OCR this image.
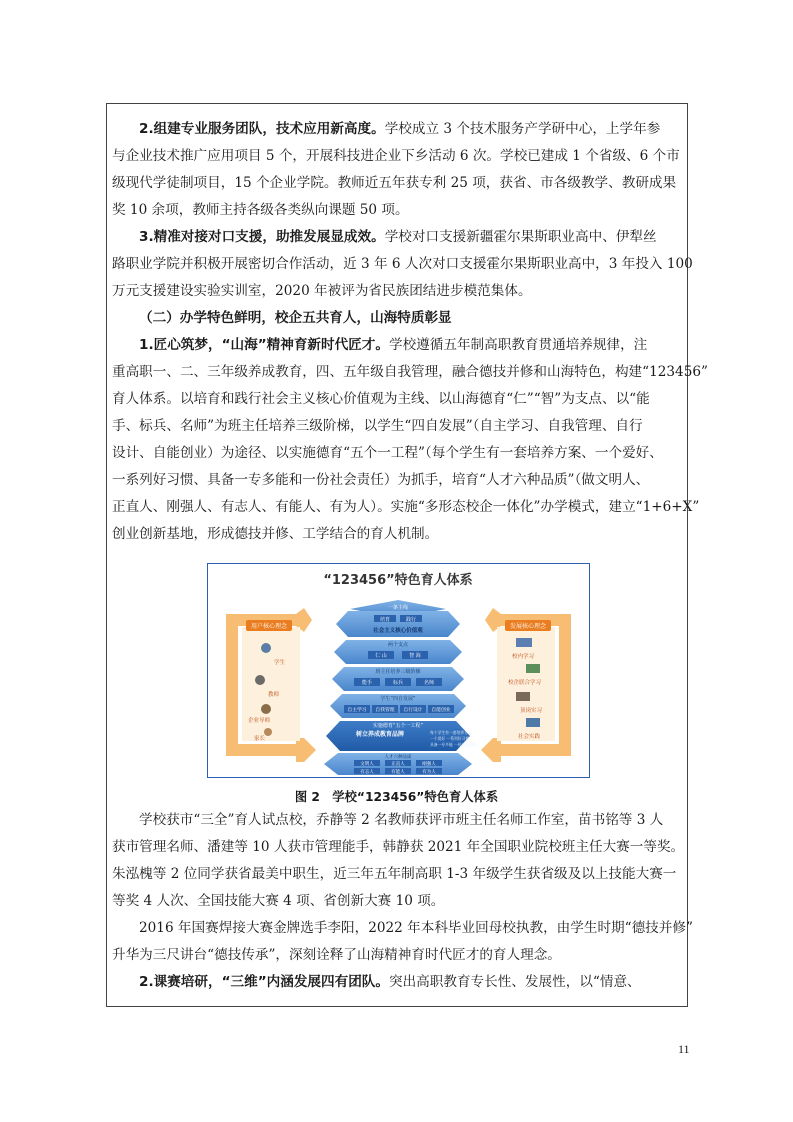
2.组建专业服务团队，技术应用新高度。学校成立 3 个技术服务产学研中心，上学年参
与企业技术推广应用项目 5 个，开展科技进企业下乡活动 6 次。学校已建成 1 个省级、6 个市
级现代学徒制项目，15 个企业学院。教师近五年获专利 25 项，获省、市各级教学、教研成果
奖 10 余项，教师主持各级各类纵向课题 50 项。
3.精准对接对口支援，助推发展显成效。学校对口支援新疆霍尔果斯职业高中、伊犁丝
路职业学院并积极开展密切合作活动，近 3 年 6 人次对口支援霍尔果斯职业高中，3 年投入 100
万元支援建设实验实训室，2020 年被评为省民族团结进步模范集体。
（二）办学特色鲜明，校企五共育人，山海特质彰显
1.匠心筑梦，“山海”精神育新时代匠才。学校遵循五年制高职教育贯通培养规律，注
重高职一、二、三年级养成教育，四、五年级自我管理，融合德技并修和山海特色，构建“123456”
育人体系。以培育和践行社会主义核心价值观为主线、以山海德育“仁”“智”为支点、以“能
手、标兵、名师”为班主任培养三级阶梯，以学生“四自发展”（自主学习、自我管理、自行
设计、自能创业）为途径、以实施德育“五个一工程”（每个学生有一套培养方案、一个爱好、
一系列好习惯、具备一专多能和一份社会责任）为抓手，培育“人才六种品质”（做文明人、
正直人、刚强人、有志人、有能人、有为人）。实施“多形态校企一体化”办学模式，建立“1+6+X”
创业创新基地，形成德技并修、工学结合的育人机制。
“123456”特色育人体系
用户核心理念
学生
教师
企业导师
家长
发展核心理念
校内学习
校企联合学习
顶岗实习
社会实践
一条主线
培育	践行
社会主义核心价值观
两个支点
仁 山	智 海
班主任培养三级阶梯
能手	标兵	名师
学生“四自发展”
自主学习 自我管理 自行设计 自能创业
实施德育“五个一工程”
树立养成教育品牌	每个学生有一套培养方案
一个爱好 一系列好习惯
具备一专多能 一份社会责任
人才六种品质
文明人	正直人	刚强人
有志人	有能人	有为人
图 2　学校“123456”特色育人体系
学校获市“三全”育人试点校，乔静等 2 名教师获评市班主任名师工作室，苗书铭等 3 人
获市管理名师、潘建等 10 人获市管理能手，韩静获 2021 年全国职业院校班主任大赛一等奖。
朱泓槐等 2 位同学获省最美中职生，近三年五年制高职 1-3 年级学生获省级及以上技能大赛一
等奖 4 人次、全国技能大赛 4 项、省创新大赛 10 项。
2016 年国赛焊接大赛金牌选手李阳，2022 年本科毕业回母校执教，由学生时期“德技并修”
升华为三尺讲台“德技传承”，深刻诠释了山海精神育时代匠才的育人理念。
2.课赛培研，“三维”内涵发展四有团队。突出高职教育专长性、发展性，以“情意、
11
